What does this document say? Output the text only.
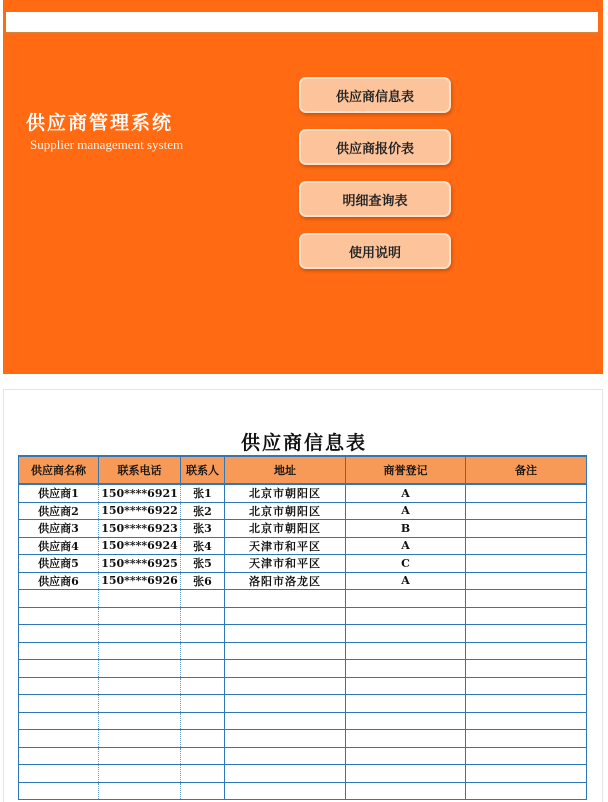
供应商管理系统
Supplier management system
供应商信息表
供应商报价表
明细查询表
使用说明
供应商信息表
供应商名称	联系电话	联系人	地址	商誉登记	备注
供应商1	150****6921	张1	北京市朝阳区	A	
供应商2	150****6922	张2	北京市朝阳区	A	
供应商3	150****6923	张3	北京市朝阳区	B	
供应商4	150****6924	张4	天津市和平区	A	
供应商5	150****6925	张5	天津市和平区	C	
供应商6	150****6926	张6	洛阳市洛龙区	A	
